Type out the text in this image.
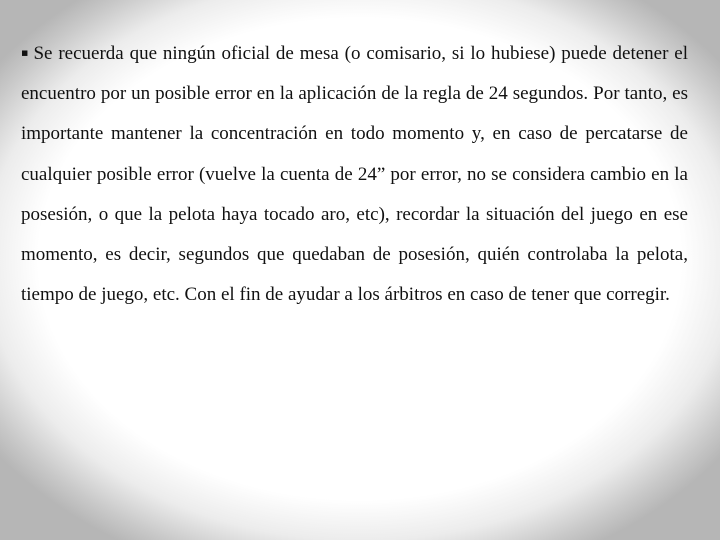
▪ Se recuerda que ningún oficial de mesa (o comisario, si lo hubiese) puede detener el encuentro por un posible error en la aplicación de la regla de 24 segundos. Por tanto, es importante mantener la concentración en todo momento y, en caso de percatarse de cualquier posible error (vuelve la cuenta de 24” por error, no se considera cambio en la posesión, o que la pelota haya tocado aro, etc), recordar la situación del juego en ese momento, es decir, segundos que quedaban de posesión, quién controlaba la pelota, tiempo de juego, etc. Con el fin de ayudar a los árbitros en caso de tener que corregir.
